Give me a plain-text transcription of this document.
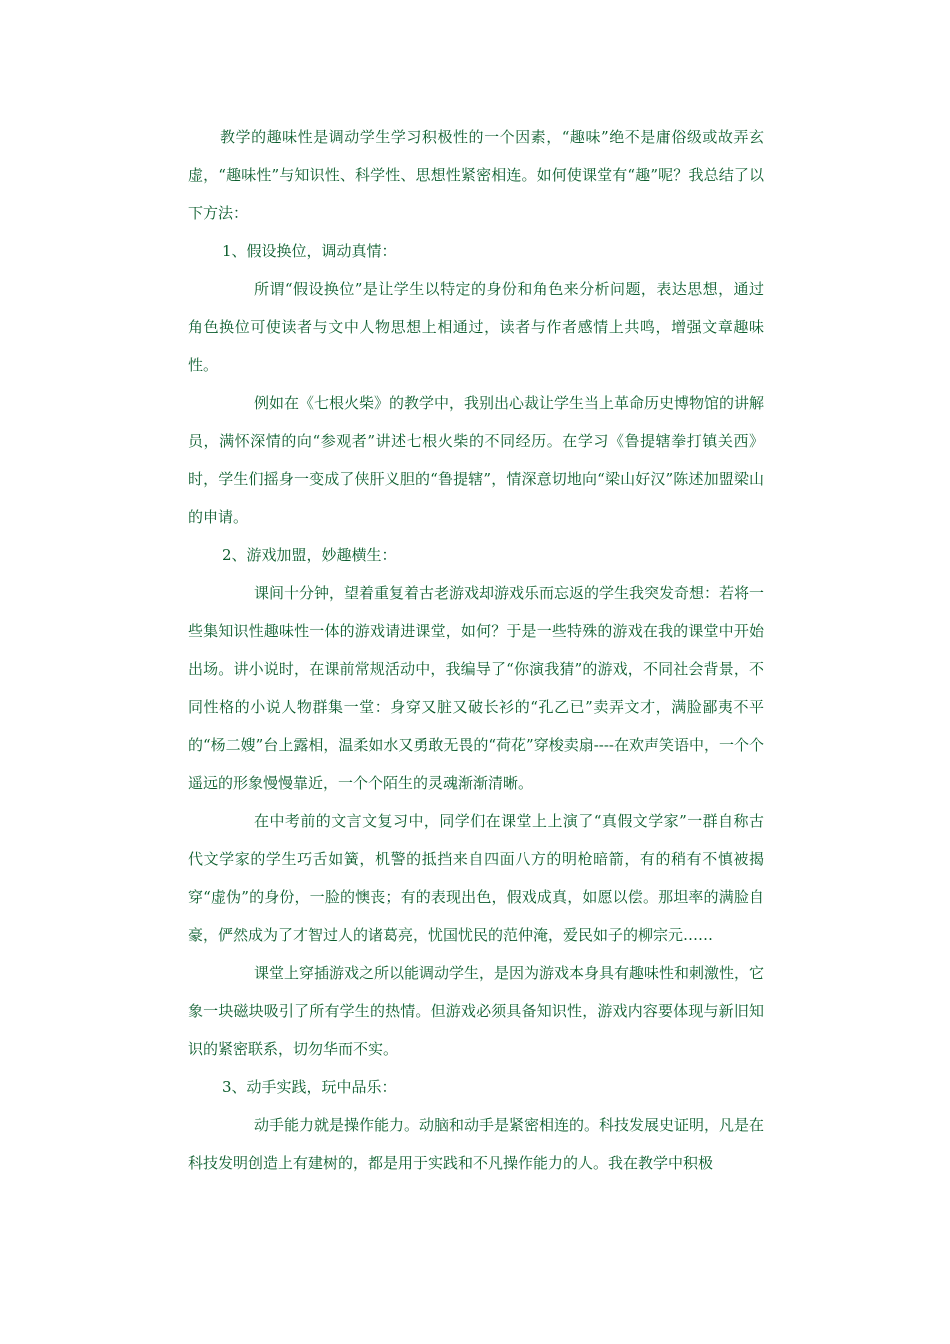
教学的趣味性是调动学生学习积极性的一个因素，“趣味”绝不是庸俗级或故弄玄虚，“趣味性”与知识性、科学性、思想性紧密相连。如何使课堂有“趣”呢？我总结了以下方法：

1、假设换位，调动真情：

所谓“假设换位”是让学生以特定的身份和角色来分析问题，表达思想，通过角色换位可使读者与文中人物思想上相通过，读者与作者感情上共鸣，增强文章趣味性。

例如在《七根火柴》的教学中，我别出心裁让学生当上革命历史博物馆的讲解员，满怀深情的向“参观者”讲述七根火柴的不同经历。在学习《鲁提辖拳打镇关西》时，学生们摇身一变成了侠肝义胆的“鲁提辖”，情深意切地向“梁山好汉”陈述加盟梁山的申请。

2、游戏加盟，妙趣横生：

课间十分钟，望着重复着古老游戏却游戏乐而忘返的学生我突发奇想：若将一些集知识性趣味性一体的游戏请进课堂，如何？于是一些特殊的游戏在我的课堂中开始出场。讲小说时，在课前常规活动中，我编导了“你演我猜”的游戏，不同社会背景，不同性格的小说人物群集一堂：身穿又脏又破长衫的“孔乙已”卖弄文才，满脸鄙夷不平的“杨二嫂”台上露相，温柔如水又勇敢无畏的“荷花”穿梭卖扇----在欢声笑语中，一个个遥远的形象慢慢靠近，一个个陌生的灵魂渐渐清晰。

在中考前的文言文复习中，同学们在课堂上上演了“真假文学家”一群自称古代文学家的学生巧舌如簧，机警的抵挡来自四面八方的明枪暗箭，有的稍有不慎被揭穿“虚伪”的身份，一脸的懊丧；有的表现出色，假戏成真，如愿以偿。那坦率的满脸自豪，俨然成为了才智过人的诸葛亮，忧国忧民的范仲淹，爱民如子的柳宗元……

课堂上穿插游戏之所以能调动学生，是因为游戏本身具有趣味性和刺激性，它象一块磁块吸引了所有学生的热情。但游戏必须具备知识性，游戏内容要体现与新旧知识的紧密联系，切勿华而不实。

3、动手实践，玩中品乐：

动手能力就是操作能力。动脑和动手是紧密相连的。科技发展史证明，凡是在科技发明创造上有建树的，都是用于实践和不凡操作能力的人。我在教学中积极
